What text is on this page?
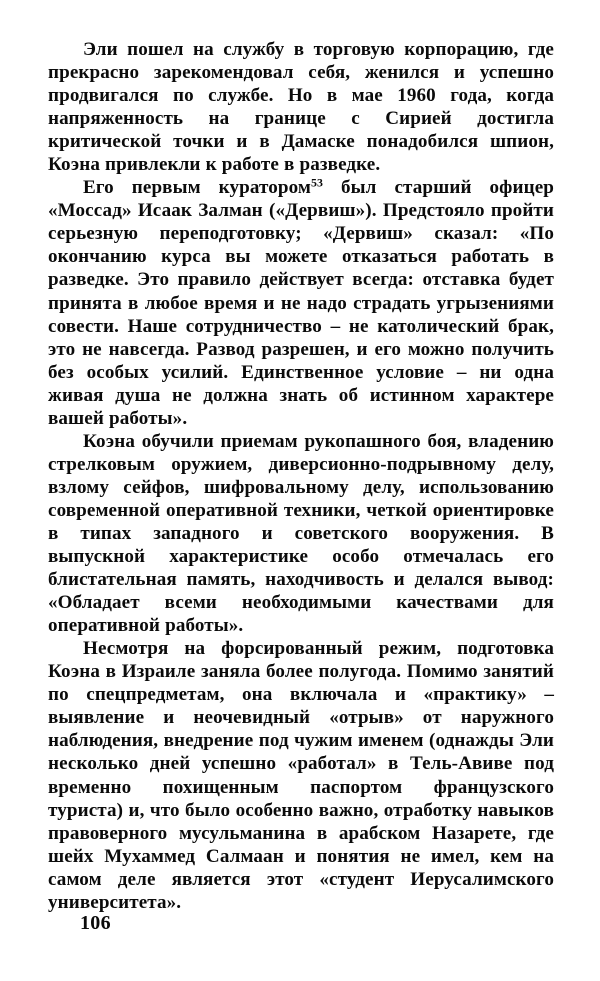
Эли пошел на службу в торговую корпорацию, где прекрасно зарекомендовал себя, женился и успешно продвигался по службе. Но в мае 1960 года, когда напряженность на границе с Сирией достигла критической точки и в Дамаске понадобился шпион, Коэна привлекли к работе в разведке.

Его первым куратором$^{53}$ был старший офицер «Моссад» Исаак Залман («Дервиш»). Предстояло пройти серьезную переподготовку; «Дервиш» сказал: «По окончанию курса вы можете отказаться работать в разведке. Это правило действует всегда: отставка будет принята в любое время и не надо страдать угрызениями совести. Наше сотрудничество – не католический брак, это не навсегда. Развод разрешен, и его можно получить без особых усилий. Единственное условие – ни одна живая душа не должна знать об истинном характере вашей работы».

Коэна обучили приемам рукопашного боя, владению стрелковым оружием, диверсионно-подрывному делу, взлому сейфов, шифровальному делу, использованию современной оперативной техники, четкой ориентировке в типах западного и советского вооружения. В выпускной характеристике особо отмечалась его блистательная память, находчивость и делался вывод: «Обладает всеми необходимыми качествами для оперативной работы».

Несмотря на форсированный режим, подготовка Коэна в Израиле заняла более полугода. Помимо занятий по спецпредметам, она включала и «практику» – выявление и неочевидный «отрыв» от наружного наблюдения, внедрение под чужим именем (однажды Эли несколько дней успешно «работал» в Тель-Авиве под временно похищенным паспортом французского туриста) и, что было особенно важно, отработку навыков правоверного мусульманина в арабском Назарете, где шейх Мухаммед Салмаан и понятия не имел, кем на самом деле является этот «студент Иерусалимского университета».

106
